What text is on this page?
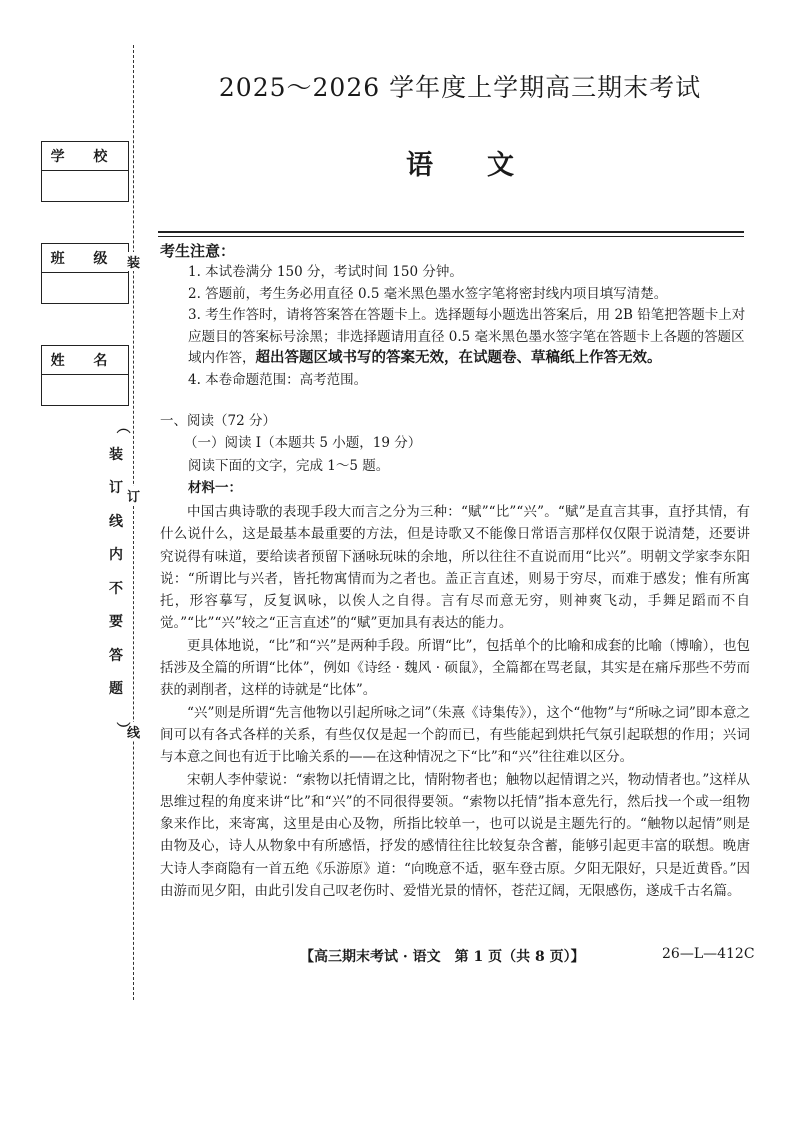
学 校
班 级
姓 名
装
订
线
（
装
订
线
内
不
要
答
题
）
2025～2026 学年度上学期高三期末考试
语文
考生注意：

1. 本试卷满分 150 分，考试时间 150 分钟。

2. 答题前，考生务必用直径 0.5 毫米黑色墨水签字笔将密封线内项目填写清楚。

3. 考生作答时，请将答案答在答题卡上。选择题每小题选出答案后，用 2B 铅笔把答题卡上对应题目的答案标号涂黑；非选择题请用直径 0.5 毫米黑色墨水签字笔在答题卡上各题的答题区域内作答，超出答题区域书写的答案无效，在试题卷、草稿纸上作答无效。

4. 本卷命题范围：高考范围。

一、阅读（72 分）
（一）阅读 Ⅰ（本题共 5 小题，19 分）
阅读下面的文字，完成 1～5 题。
材料一：

中国古典诗歌的表现手段大而言之分为三种：“赋”“比”“兴”。“赋”是直言其事，直抒其情，有什么说什么，这是最基本最重要的方法，但是诗歌又不能像日常语言那样仅仅限于说清楚，还要讲究说得有味道，要给读者预留下涵咏玩味的余地，所以往往不直说而用“比兴”。明朝文学家李东阳说：“所谓比与兴者，皆托物寓情而为之者也。盖正言直述，则易于穷尽，而难于感发；惟有所寓托，形容摹写，反复讽咏，以俟人之自得。言有尽而意无穷，则神爽飞动，手舞足蹈而不自觉。”“比”“兴”较之“正言直述”的“赋”更加具有表达的能力。

更具体地说，“比”和“兴”是两种手段。所谓“比”，包括单个的比喻和成套的比喻（博喻），也包括涉及全篇的所谓“比体”，例如《诗经 · 魏风 · 硕鼠》，全篇都在骂老鼠，其实是在痛斥那些不劳而获的剥削者，这样的诗就是“比体”。

“兴”则是所谓“先言他物以引起所咏之词”（朱熹《诗集传》），这个“他物”与“所咏之词”即本意之间可以有各式各样的关系，有些仅仅是起一个韵而已，有些能起到烘托气氛引起联想的作用；兴词与本意之间也有近于比喻关系的——在这种情况之下“比”和“兴”往往难以区分。

宋朝人李仲蒙说：“索物以托情谓之比，情附物者也；触物以起情谓之兴，物动情者也。”这样从思维过程的角度来讲“比”和“兴”的不同很得要领。“索物以托情”指本意先行，然后找一个或一组物象来作比，来寄寓，这里是由心及物，所指比较单一，也可以说是主题先行的。“触物以起情”则是由物及心，诗人从物象中有所感悟，抒发的感情往往比较复杂含蓄，能够引起更丰富的联想。晚唐大诗人李商隐有一首五绝《乐游原》道：“向晚意不适，驱车登古原。夕阳无限好，只是近黄昏。”因由游而见夕阳，由此引发自己叹老伤时、爱惜光景的情怀，苍茫辽阔，无限感伤，遂成千古名篇。

【高三期末考试 · 语文　第 1 页（共 8 页）】	26—L—412C
